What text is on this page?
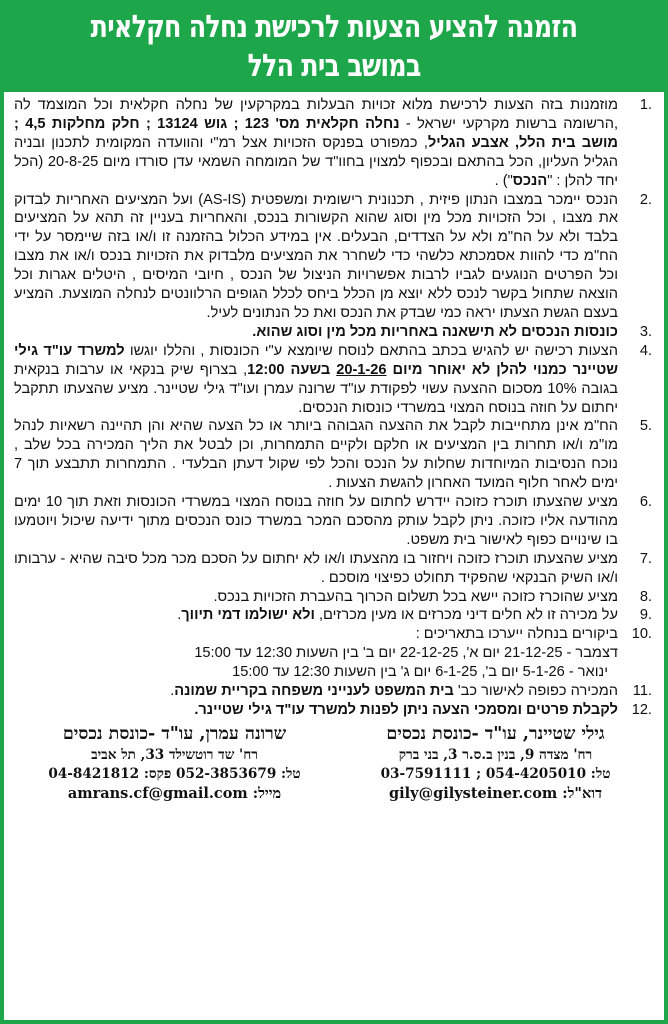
הזמנה להציע הצעות לרכישת נחלה חקלאית
במושב בית הלל
1.
מוזמנות בזה הצעות לרכישת מלוא זכויות הבעלות במקרקעין של נחלה חקלאית וכל המוצמד לה ,הרשומה ברשות מקרקעי ישראל - נחלה חקלאית מס' 123 ; גוש 13124 ; חלק מחלקות 4,5 ; מושב בית הלל, אצבע הגליל, כמפורט בפנקס הזכויות אצל רמ"י והוועדה המקומית לתכנון ובניה הגליל העליון, הכל בהתאם ובכפוף למצוין בחוו"ד של המומחה השמאי עדן סורדו מיום 20-8-25 (הכל יחד להלן : "הנכס") .
2.
הנכס יימכר במצבו הנתון פיזית , תכנונית רישומית ומשפטית (AS-IS) ועל המציעים האחריות לבדוק את מצבו , וכל הזכויות מכל מין וסוג שהוא הקשורות בנכס, והאחריות בעניין זה תהא על המציעים בלבד ולא על הח"מ ולא על הצדדים, הבעלים. אין במידע הכלול בהזמנה זו ו/או בזה שיימסר על ידי הח"מ כדי להוות אסמכתא כלשהי כדי לשחרר את המציעים מלבדוק את הזכויות בנכס ו/או את מצבו וכל הפרטים הנוגעים לגביו לרבות אפשרויות הניצול של הנכס , חיובי המיסים , היטלים אגרות וכל הוצאה שתחול בקשר לנכס ללא יוצא מן הכלל ביחס לכלל הגופים הרלוונטים לנחלה המוצעת. המציע בעצם הגשת הצעתו יראה כמי שבדק את הנכס ואת כל הנתונים לעיל.
3.
כונסות הנכסים לא תישאנה באחריות מכל מין וסוג שהוא.
4.
הצעות רכישה יש להגיש בכתב בהתאם לנוסח שיומצא ע"י הכונסות , והללו יוגשו למשרד עו"ד גילי שטיינר כמנוי להלן לא יאוחר מיום 20-1-26 בשעה 12:00, בצרוף שיק בנקאי או ערבות בנקאית בגובה 10% מסכום ההצעה עשוי לפקודת עו"ד שרונה עמרן ועו"ד גילי שטיינר. מציע שהצעתו תתקבל יחתום על חוזה בנוסח המצוי במשרדי כונסות הנכסים.
5.
הח"מ אינן מתחייבות לקבל את ההצעה הגבוהה ביותר או כל הצעה שהיא והן תהיינה רשאיות לנהל מו"מ ו/או תחרות בין המציעים או חלקם ולקיים התמחרות, וכן לבטל את הליך המכירה בכל שלב , נוכח הנסיבות המיוחדות שחלות על הנכס והכל לפי שקול דעתן הבלעדי . התמחרות תתבצע תוך 7 ימים לאחר חלוף המועד האחרון להגשת הצעות .
6.
מציע שהצעתו תוכרז כזוכה יידרש לחתום על חוזה בנוסח המצוי במשרדי הכונסות וזאת תוך 10 ימים מהודעה אליו כזוכה. ניתן לקבל עותק מהסכם המכר במשרד כונס הנכסים מתוך ידיעה שיכול ויוטמעו בו שינויים כפוף לאישור בית משפט.
7.
מציע שהצעתו תוכרז כזוכה ויחזור בו מהצעתו ו/או לא יחתום על הסכם מכר מכל סיבה שהיא - ערבותו ו/או השיק הבנקאי שהפקיד תחולט כפיצוי מוסכם .
8.
מציע שהוכרז כזוכה יישא בכל תשלום הכרוך בהעברת הזכויות בנכס.
9.
על מכירה זו לא חלים דיני מכרזים או מעין מכרזים, ולא ישולמו דמי תיווך.
10.
ביקורים בנחלה ייערכו בתאריכים :
דצמבר - 21-12-25 יום א', 22-12-25 יום ב' בין השעות 12:30 עד 15:00
ינואר - 5-1-26 יום ב', 6-1-25 יום ג' בין השעות 12:30 עד 15:00
11.
המכירה כפופה לאישור כב' בית המשפט לענייני משפחה בקריית שמונה.
12.
לקבלת פרטים ומסמכי הצעה ניתן לפנות למשרד עו"ד גילי שטיינר.
גילי שטיינר, עו"ד -כונסת נכסים
רח' מצדה 9, בנין ב.ס.ר 3, בני ברק
טל: 054-4205010 ; 03-7591111
דוא"ל: gily@gilysteiner.com
שרונה עמרן, עו"ד -כונסת נכסים
רח' שד רוטשילד 33, תל אביב
טל: 052-3853679 פקס: 04-8421812
מייל: amrans.cf@gmail.com
